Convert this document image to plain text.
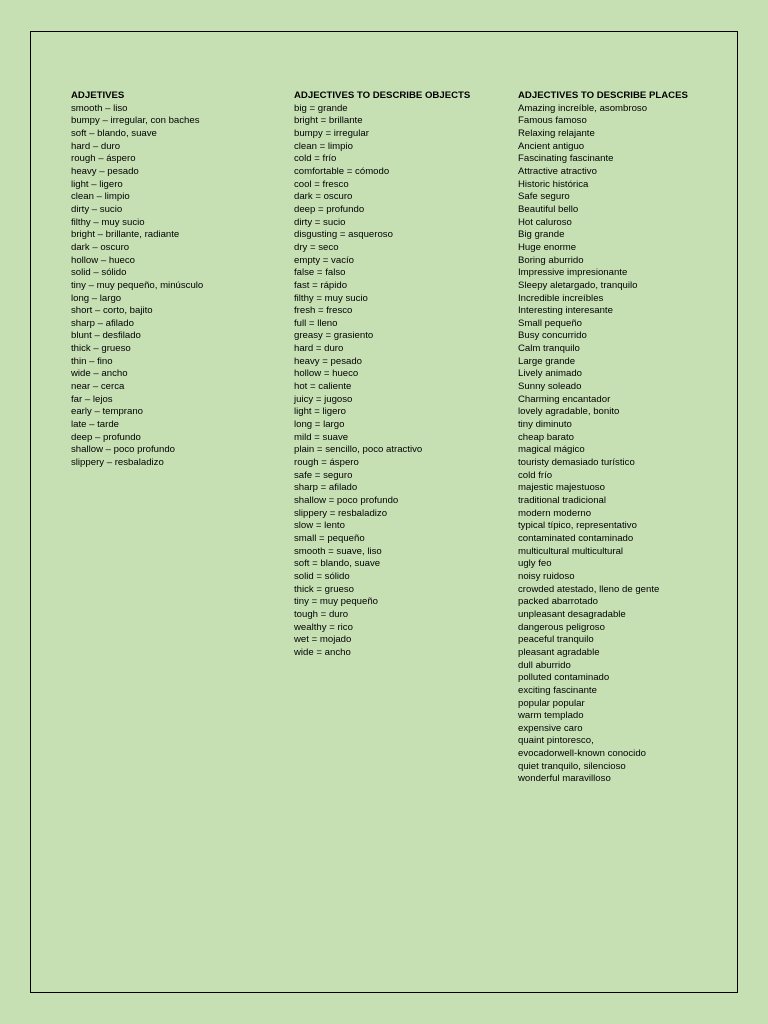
ADJETIVES

smooth – liso

bumpy – irregular, con baches

soft – blando, suave

hard – duro

rough – áspero

heavy – pesado

light – ligero

clean – limpio

dirty – sucio

filthy – muy sucio

bright – brillante, radiante

dark – oscuro

hollow – hueco

solid – sólido

tiny – muy pequeño, minúsculo

long – largo

short – corto, bajito

sharp – afilado

blunt – desfilado

thick – grueso

thin – fino

wide – ancho

near – cerca

far – lejos

early – temprano

late – tarde

deep – profundo

shallow – poco profundo

slippery – resbaladizo

ADJECTIVES TO DESCRIBE OBJECTS

big = grande

bright = brillante

bumpy = irregular

clean = limpio

cold = frío

comfortable = cómodo

cool = fresco

dark = oscuro

deep = profundo

dirty = sucio

disgusting = asqueroso

dry = seco

empty = vacío

false = falso

fast = rápido

filthy = muy sucio

fresh = fresco

full = lleno

greasy = grasiento

hard = duro

heavy = pesado

hollow = hueco

hot = caliente

juicy = jugoso

light = ligero

long = largo

mild = suave

plain = sencillo, poco atractivo

rough = áspero

safe = seguro

sharp = afilado

shallow = poco profundo

slippery = resbaladizo

slow = lento

small = pequeño

smooth = suave, liso

soft = blando, suave

solid = sólido

thick = grueso

tiny = muy pequeño

tough = duro

wealthy = rico

wet = mojado

wide = ancho

ADJECTIVES TO DESCRIBE PLACES

Amazing increíble, asombroso

Famous famoso

Relaxing relajante

Ancient antiguo

Fascinating fascinante

Attractive atractivo

Historic histórica

Safe seguro

Beautiful bello

Hot caluroso

Big grande

Huge enorme

Boring aburrido

Impressive impresionante

Sleepy aletargado, tranquilo

Incredible increíbles

Interesting interesante

Small pequeño

Busy concurrido

Calm tranquilo

Large grande

Lively animado

Sunny soleado

Charming encantador

lovely agradable, bonito

tiny diminuto

cheap barato

magical mágico

touristy demasiado turístico

cold frío

majestic majestuoso

traditional tradicional

modern moderno

typical típico, representativo

contaminated contaminado

multicultural multicultural

ugly feo

noisy ruidoso

crowded atestado, lleno de gente

packed abarrotado

unpleasant desagradable

dangerous peligroso

peaceful tranquilo

pleasant agradable

dull aburrido

polluted contaminado

exciting fascinante

popular popular

warm templado

expensive caro

quaint pintoresco,

evocadorwell-known conocido

quiet tranquilo, silencioso

wonderful maravilloso
